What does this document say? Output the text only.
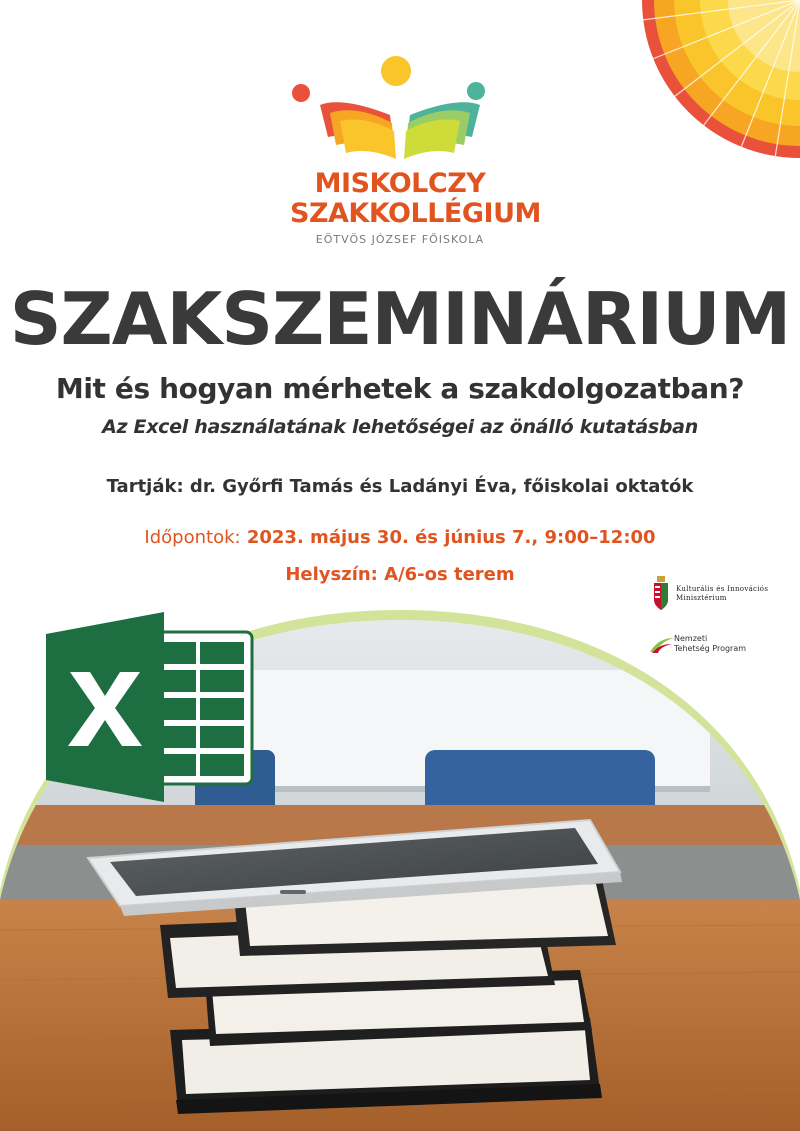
MISKOLCZY
SZAKKOLLÉGIUM
EÖTVÖS JÓZSEF FŐISKOLA
SZAKSZEMINÁRIUM
Mit és hogyan mérhetek a szakdolgozatban?
Az Excel használatának lehetőségei az önálló kutatásban
Tartják: dr. Győrfi Tamás és Ladányi Éva, főiskolai oktatók
Időpontok: 2023. május 30. és június 7., 9:00–12:00
Helyszín: A/6-os terem
Kulturális és Innovációs
Minisztérium
Nemzeti
Tehetség Program
